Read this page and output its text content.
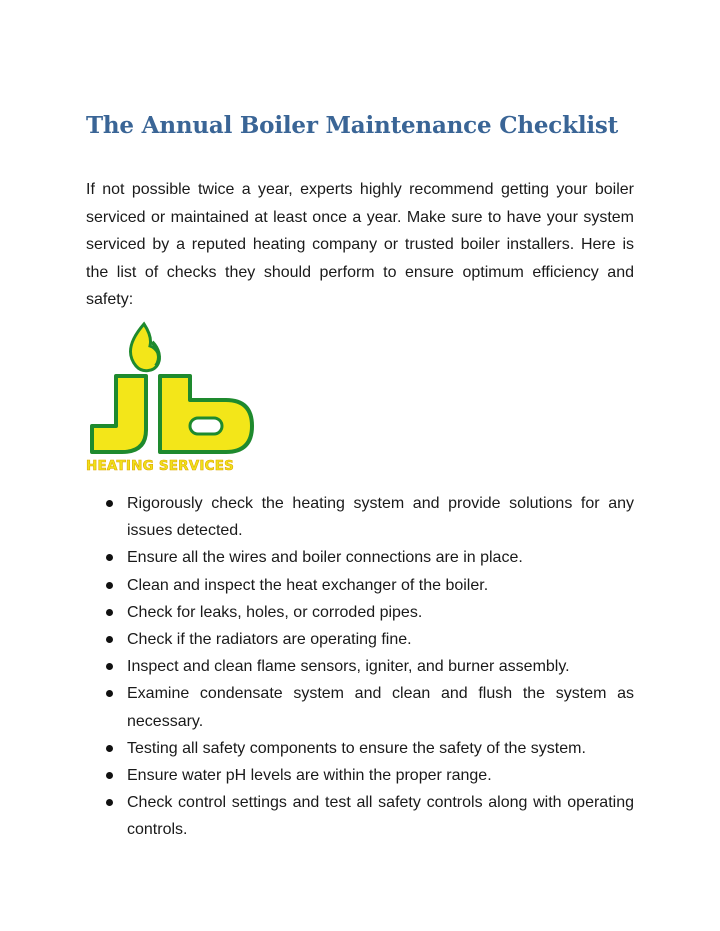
The Annual Boiler Maintenance Checklist
If not possible twice a year, experts highly recommend getting your boiler serviced or maintained at least once a year. Make sure to have your system serviced by a reputed heating company or trusted boiler installers. Here is the list of checks they should perform to ensure optimum efficiency and safety:
HEATING SERVICES
Rigorously check the heating system and provide solutions for any issues detected.
Ensure all the wires and boiler connections are in place.
Clean and inspect the heat exchanger of the boiler.
Check for leaks, holes, or corroded pipes.
Check if the radiators are operating fine.
Inspect and clean flame sensors, igniter, and burner assembly.
Examine condensate system and clean and flush the system as necessary.
Testing all safety components to ensure the safety of the system.
Ensure water pH levels are within the proper range.
Check control settings and test all safety controls along with operating controls.
